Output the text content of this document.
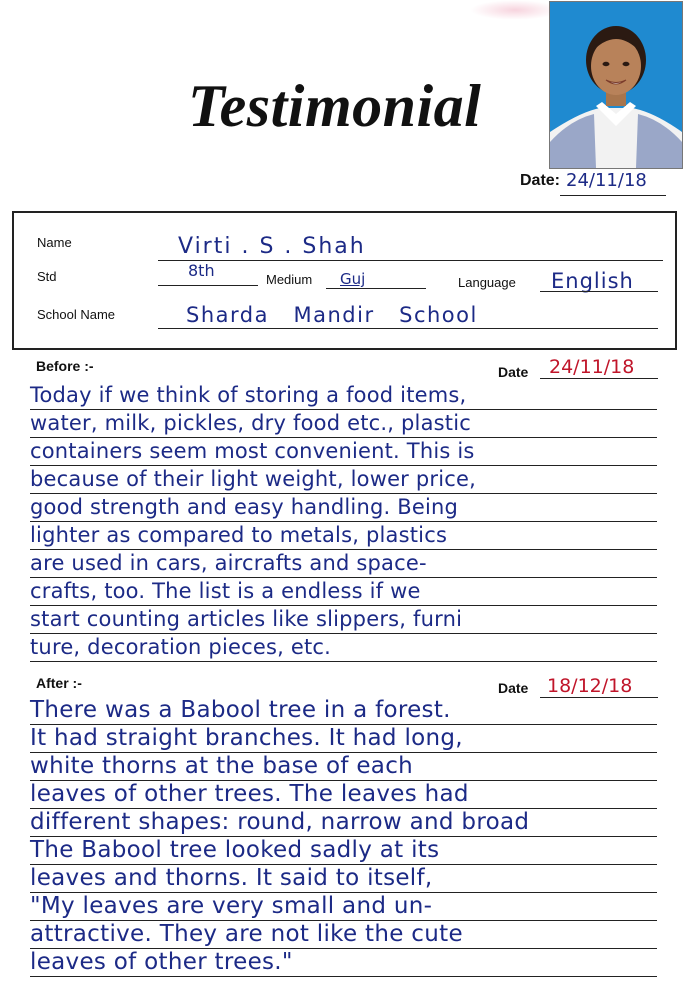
Testimonial
Date: 24/11/18
Name	Virti . S . Shah
Std	8th	Medium Guj	Language English
School Name	Sharda   Mandir   School
Before :-	Date 24/11/18
Today if we think of storing a food items,
water, milk, pickles, dry food etc., plastic
containers seem most convenient. This is
because of their light weight, lower price,
good strength and easy handling. Being
lighter as compared to metals, plastics
are used in cars, aircrafts and space-
crafts, too. The list is a endless if we
start counting articles like slippers, furni
ture, decoration pieces, etc.
After :-	Date 18/12/18
There was a Babool tree in a forest.
It had straight branches. It had long,
white thorns at the base of each
leaves of other trees. The leaves had
different shapes: round, narrow and broad
The Babool tree looked sadly at its
leaves and thorns. It said to itself,
"My leaves are very small and un-
attractive. They are not like the cute
leaves of other trees."
